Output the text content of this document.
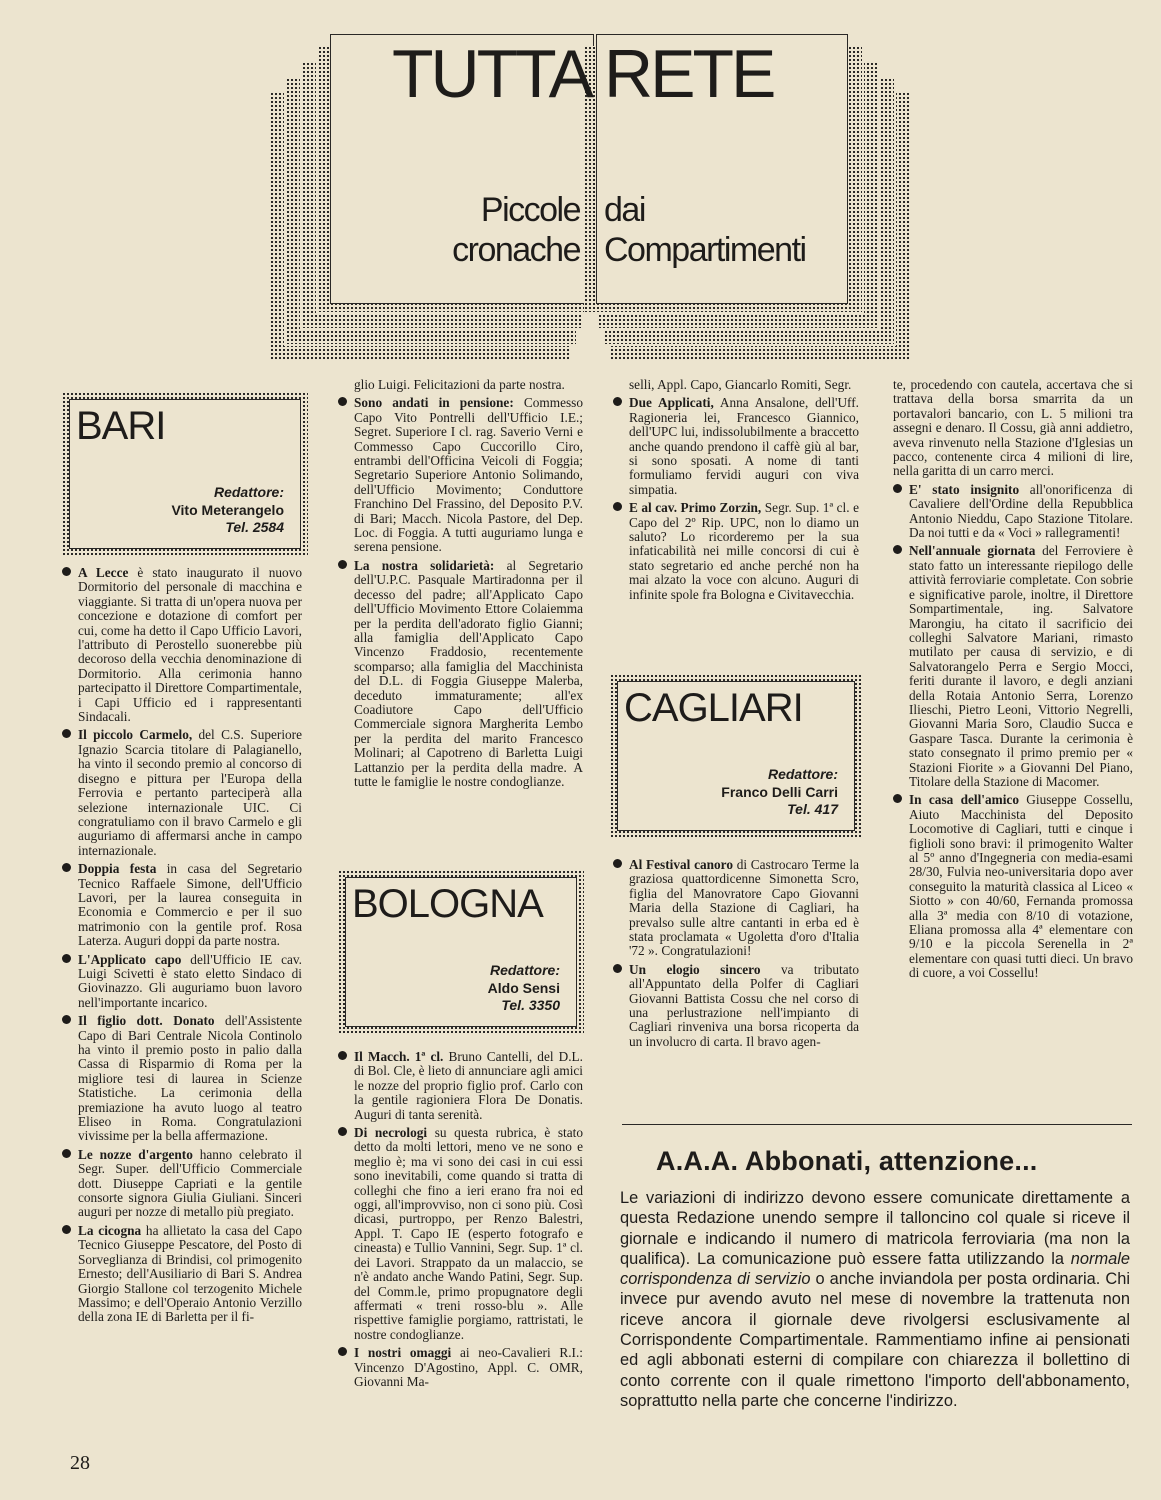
TUTTA RETE
Piccole
cronache
dai
Compartimenti
BARI
Redattore:
Vito Meterangelo
Tel. 2584

A Lecce è stato inaugurato il nuovo Dormitorio del personale di macchina e viaggiante. Si tratta di un'opera nuova per concezione e dotazione di comfort per cui, come ha detto il Capo Ufficio Lavori, l'attributo di Perostello suonerebbe più decoroso della vecchia denominazione di Dormitorio. Alla cerimonia hanno partecipatto il Direttore Compartimentale, i Capi Ufficio ed i rappresentanti Sindacali.

Il piccolo Carmelo, del C.S. Superiore Ignazio Scarcia titolare di Palagianello, ha vinto il secondo premio al concorso di disegno e pittura per l'Europa della Ferrovia e pertanto parteciperà alla selezione internazionale UIC. Ci congratuliamo con il bravo Carmelo e gli auguriamo di affermarsi anche in campo internazionale.

Doppia festa in casa del Segretario Tecnico Raffaele Simone, dell'Ufficio Lavori, per la laurea conseguita in Economia e Commercio e per il suo matrimonio con la gentile prof. Rosa Laterza. Auguri doppi da parte nostra.

L'Applicato capo dell'Ufficio IE cav. Luigi Scivetti è stato eletto Sindaco di Giovinazzo. Gli auguriamo buon lavoro nell'importante incarico.

Il figlio dott. Donato dell'Assistente Capo di Bari Centrale Nicola Continolo ha vinto il premio posto in palio dalla Cassa di Risparmio di Roma per la migliore tesi di laurea in Scienze Statistiche. La cerimonia della premiazione ha avuto luogo al teatro Eliseo in Roma. Congratulazioni vivissime per la bella affermazione.

Le nozze d'argento hanno celebrato il Segr. Super. dell'Ufficio Commerciale dott. Diuseppe Capriati e la gentile consorte signora Giulia Giuliani. Sinceri auguri per nozze di metallo più pregiato.

La cicogna ha allietato la casa del Capo Tecnico Giuseppe Pescatore, del Posto di Sorveglianza di Brindisi, col primogenito Ernesto; dell'Ausiliario di Bari S. Andrea Giorgio Stallone col terzogenito Michele Massimo; e dell'Operaio Antonio Verzillo della zona IE di Barletta per il fi-

glio Luigi. Felicitazioni da parte nostra.

Sono andati in pensione: Commesso Capo Vito Pontrelli dell'Ufficio I.E.; Segret. Superiore I cl. rag. Saverio Verni e Commesso Capo Cuccorillo Ciro, entrambi dell'Officina Veicoli di Foggia; Segretario Superiore Antonio Solimando, dell'Ufficio Movimento; Conduttore Franchino Del Frassino, del Deposito P.V. di Bari; Macch. Nicola Pastore, del Dep. Loc. di Foggia. A tutti auguriamo lunga e serena pensione.

La nostra solidarietà: al Segretario dell'U.P.C. Pasquale Martiradonna per il decesso del padre; all'Applicato Capo dell'Ufficio Movimento Ettore Colaiemma per la perdita dell'adorato figlio Gianni; alla famiglia dell'Applicato Capo Vincenzo Fraddosio, recentemente scomparso; alla famiglia del Macchinista del D.L. di Foggia Giuseppe Malerba, deceduto immaturamente; all'ex Coadiutore Capo dell'Ufficio Commerciale signora Margherita Lembo per la perdita del marito Francesco Molinari; al Capotreno di Barletta Luigi Lattanzio per la perdita della madre. A tutte le famiglie le nostre condoglianze.

BOLOGNA
Redattore:
Aldo Sensi
Tel. 3350

Il Macch. 1ª cl. Bruno Cantelli, del D.L. di Bol. Cle, è lieto di annunciare agli amici le nozze del proprio figlio prof. Carlo con la gentile ragioniera Flora De Donatis. Auguri di tanta serenità.

Di necrologi su questa rubrica, è stato detto da molti lettori, meno ve ne sono e meglio è; ma vi sono dei casi in cui essi sono inevitabili, come quando si tratta di colleghi che fino a ieri erano fra noi ed oggi, all'improvviso, non ci sono più. Così dicasi, purtroppo, per Renzo Balestri, Appl. T. Capo IE (esperto fotografo e cineasta) e Tullio Vannini, Segr. Sup. 1ª cl. dei Lavori. Strappato da un malaccio, se n'è andato anche Wando Patini, Segr. Sup. del Comm.le, primo propugnatore degli affermati « treni rosso-blu ». Alle rispettive famiglie porgiamo, rattristati, le nostre condoglianze.

I nostri omaggi ai neo-Cavalieri R.I.: Vincenzo D'Agostino, Appl. C. OMR, Giovanni Ma-

selli, Appl. Capo, Giancarlo Romiti, Segr.

Due Applicati, Anna Ansalone, dell'Uff. Ragioneria lei, Francesco Giannico, dell'UPC lui, indissolubilmente a braccetto anche quando prendono il caffè giù al bar, si sono sposati. A nome di tanti formuliamo fervidi auguri con viva simpatia.

E al cav. Primo Zorzin, Segr. Sup. 1ª cl. e Capo del 2º Rip. UPC, non lo diamo un saluto? Lo ricorderemo per la sua infaticabilità nei mille concorsi di cui è stato segretario ed anche perché non ha mai alzato la voce con alcuno. Auguri di infinite spole fra Bologna e Civitavecchia.

CAGLIARI
Redattore:
Franco Delli Carri
Tel. 417

Al Festival canoro di Castrocaro Terme la graziosa quattordicenne Simonetta Scro, figlia del Manovratore Capo Giovanni Maria della Stazione di Cagliari, ha prevalso sulle altre cantanti in erba ed è stata proclamata « Ugoletta d'oro d'Italia '72 ». Congratulazioni!

Un elogio sincero va tributato all'Appuntato della Polfer di Cagliari Giovanni Battista Cossu che nel corso di una perlustrazione nell'impianto di Cagliari rinveniva una borsa ricoperta da un involucro di carta. Il bravo agen-

te, procedendo con cautela, accertava che si trattava della borsa smarrita da un portavalori bancario, con L. 5 milioni tra assegni e denaro. Il Cossu, già anni addietro, aveva rinvenuto nella Stazione d'Iglesias un pacco, contenente circa 4 milioni di lire, nella garitta di un carro merci.

E' stato insignito all'onorificenza di Cavaliere dell'Ordine della Repubblica Antonio Nieddu, Capo Stazione Titolare. Da noi tutti e da « Voci » rallegramenti!

Nell'annuale giornata del Ferroviere è stato fatto un interessante riepilogo delle attività ferroviarie completate. Con sobrie e significative parole, inoltre, il Direttore Sompartimentale, ing. Salvatore Marongiu, ha citato il sacrificio dei colleghi Salvatore Mariani, rimasto mutilato per causa di servizio, e di Salvatorangelo Perra e Sergio Mocci, feriti durante il lavoro, e degli anziani della Rotaia Antonio Serra, Lorenzo Ilieschi, Pietro Leoni, Vittorio Negrelli, Giovanni Maria Soro, Claudio Succa e Gaspare Tasca. Durante la cerimonia è stato consegnato il primo premio per « Stazioni Fiorite » a Giovanni Del Piano, Titolare della Stazione di Macomer.

In casa dell'amico Giuseppe Cossellu, Aiuto Macchinista del Deposito Locomotive di Cagliari, tutti e cinque i figlioli sono bravi: il primogenito Walter al 5º anno d'Ingegneria con media-esami 28/30, Fulvia neo-universitaria dopo aver conseguito la maturità classica al Liceo « Siotto » con 40/60, Fernanda promossa alla 3ª media con 8/10 di votazione, Eliana promossa alla 4ª elementare con 9/10 e la piccola Serenella in 2ª elementare con quasi tutti dieci. Un bravo di cuore, a voi Cossellu!

A.A.A. Abbonati, attenzione...
Le variazioni di indirizzo devono essere comunicate direttamente a questa Redazione unendo sempre il talloncino col quale si riceve il giornale e indicando il numero di matricola ferroviaria (ma non la qualifica). La comunicazione può essere fatta utilizzando la normale corrispondenza di servizio o anche inviandola per posta ordinaria. Chi invece pur avendo avuto nel mese di novembre la trattenuta non riceve ancora il giornale deve rivolgersi esclusivamente al Corrispondente Compartimentale. Rammentiamo infine ai pensionati ed agli abbonati esterni di compilare con chiarezza il bollettino di conto corrente con il quale rimettono l'importo dell'abbonamento, soprattutto nella parte che concerne l'indirizzo.
28
